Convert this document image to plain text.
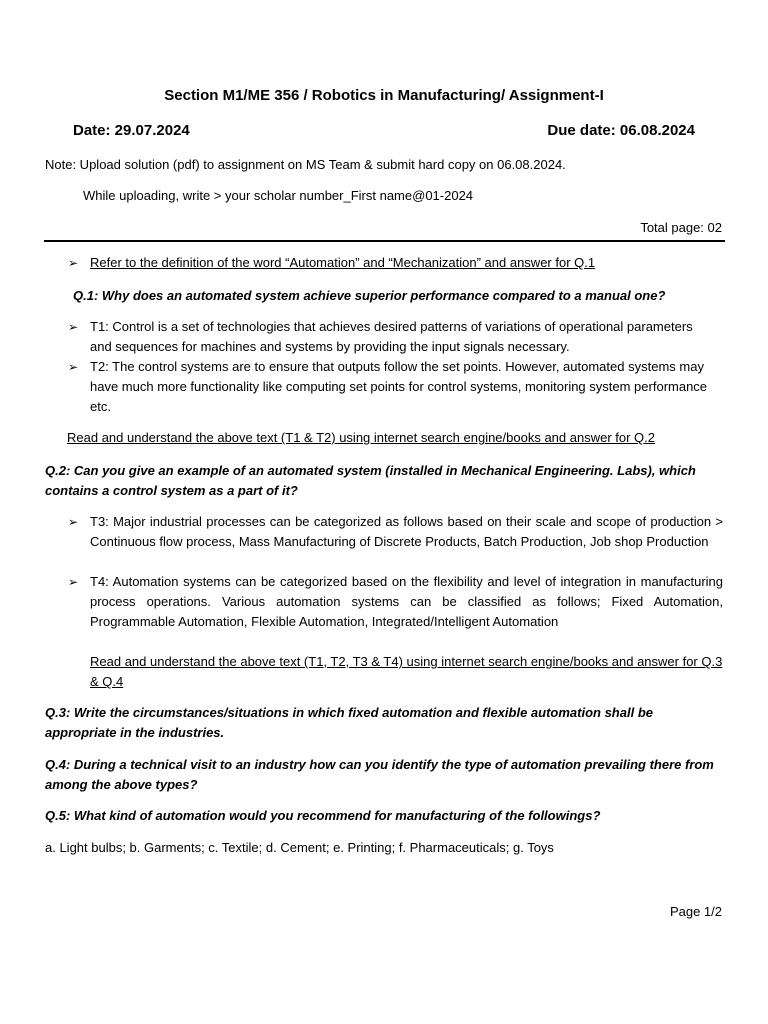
Section M1/ME 356 / Robotics in Manufacturing/ Assignment-I
Date: 29.07.2024	Due date: 06.08.2024
Note: Upload solution (pdf) to assignment on MS Team & submit hard copy on 06.08.2024.
While uploading, write > your scholar number_First name@01-2024
Total page: 02
➢ Refer to the definition of the word “Automation” and “Mechanization” and answer for Q.1
Q.1: Why does an automated system achieve superior performance compared to a manual one?
➢ T1: Control is a set of technologies that achieves desired patterns of variations of operational parameters and sequences for machines and systems by providing the input signals necessary.
➢ T2: The control systems are to ensure that outputs follow the set points. However, automated systems may have much more functionality like computing set points for control systems, monitoring system performance etc.
Read and understand the above text (T1 & T2) using internet search engine/books and answer for Q.2
Q.2: Can you give an example of an automated system (installed in Mechanical Engineering. Labs), which contains a control system as a part of it?
➢ T3: Major industrial processes can be categorized as follows based on their scale and scope of production > Continuous flow process, Mass Manufacturing of Discrete Products, Batch Production, Job shop Production
➢ T4: Automation systems can be categorized based on the flexibility and level of integration in manufacturing process operations. Various automation systems can be classified as follows; Fixed Automation, Programmable Automation, Flexible Automation, Integrated/Intelligent Automation
Read and understand the above text (T1, T2, T3 & T4) using internet search engine/books and answer for Q.3 & Q.4
Q.3: Write the circumstances/situations in which fixed automation and flexible automation shall be appropriate in the industries.
Q.4: During a technical visit to an industry how can you identify the type of automation prevailing there from among the above types?
Q.5: What kind of automation would you recommend for manufacturing of the followings?
a. Light bulbs; b. Garments; c. Textile; d. Cement; e. Printing; f. Pharmaceuticals; g. Toys
Page 1/2
